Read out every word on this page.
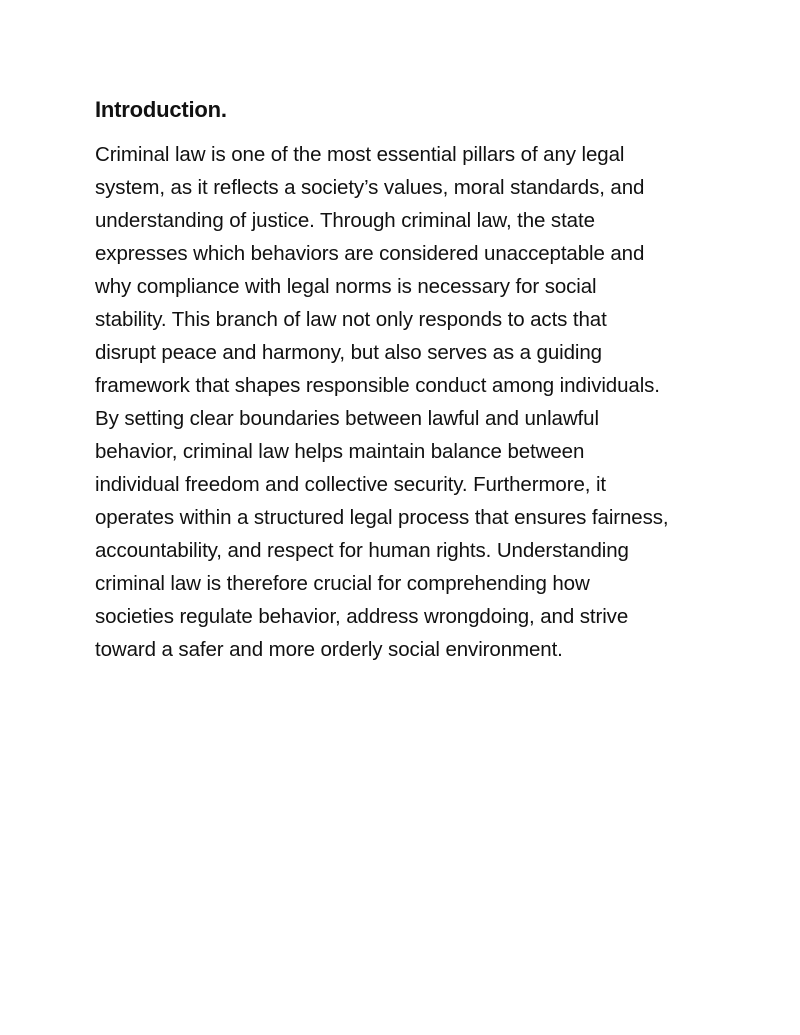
Introduction.

Criminal law is one of the most essential pillars of any legal
system, as it reflects a society’s values, moral standards, and
understanding of justice. Through criminal law, the state
expresses which behaviors are considered unacceptable and
why compliance with legal norms is necessary for social
stability. This branch of law not only responds to acts that
disrupt peace and harmony, but also serves as a guiding
framework that shapes responsible conduct among individuals.
By setting clear boundaries between lawful and unlawful
behavior, criminal law helps maintain balance between
individual freedom and collective security. Furthermore, it
operates within a structured legal process that ensures fairness,
accountability, and respect for human rights. Understanding
criminal law is therefore crucial for comprehending how
societies regulate behavior, address wrongdoing, and strive
toward a safer and more orderly social environment.
